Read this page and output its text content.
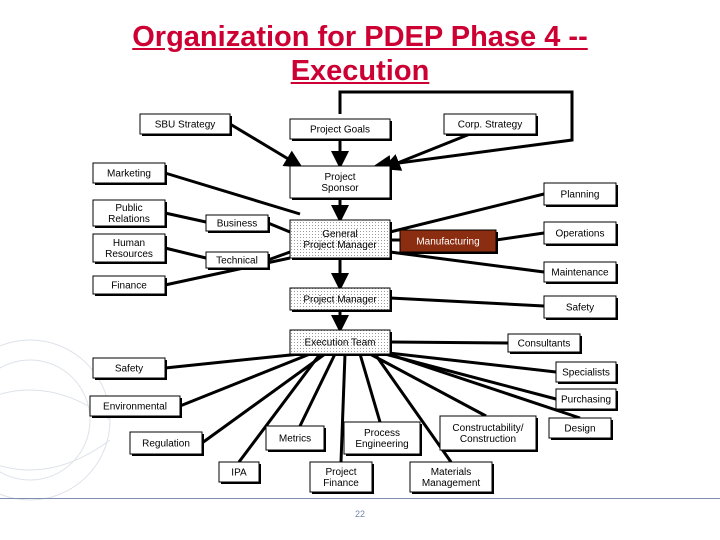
Organization for PDEP Phase 4 --
Execution
SBU Strategy	Project Goals	Corp. Strategy
Marketing	Project Sponsor
Planning
Public Relations	Business
General Project Manager	Manufacturing
Operations
Human Resources
Technical
Maintenance
Finance
Project Manager
Safety
Execution Team	Consultants
Safety	Specialists
Environmental
Purchasing
Regulation	Metrics	Process Engineering
Constructability/ Construction
Design
IPA	Project Finance
Materials Management
22
